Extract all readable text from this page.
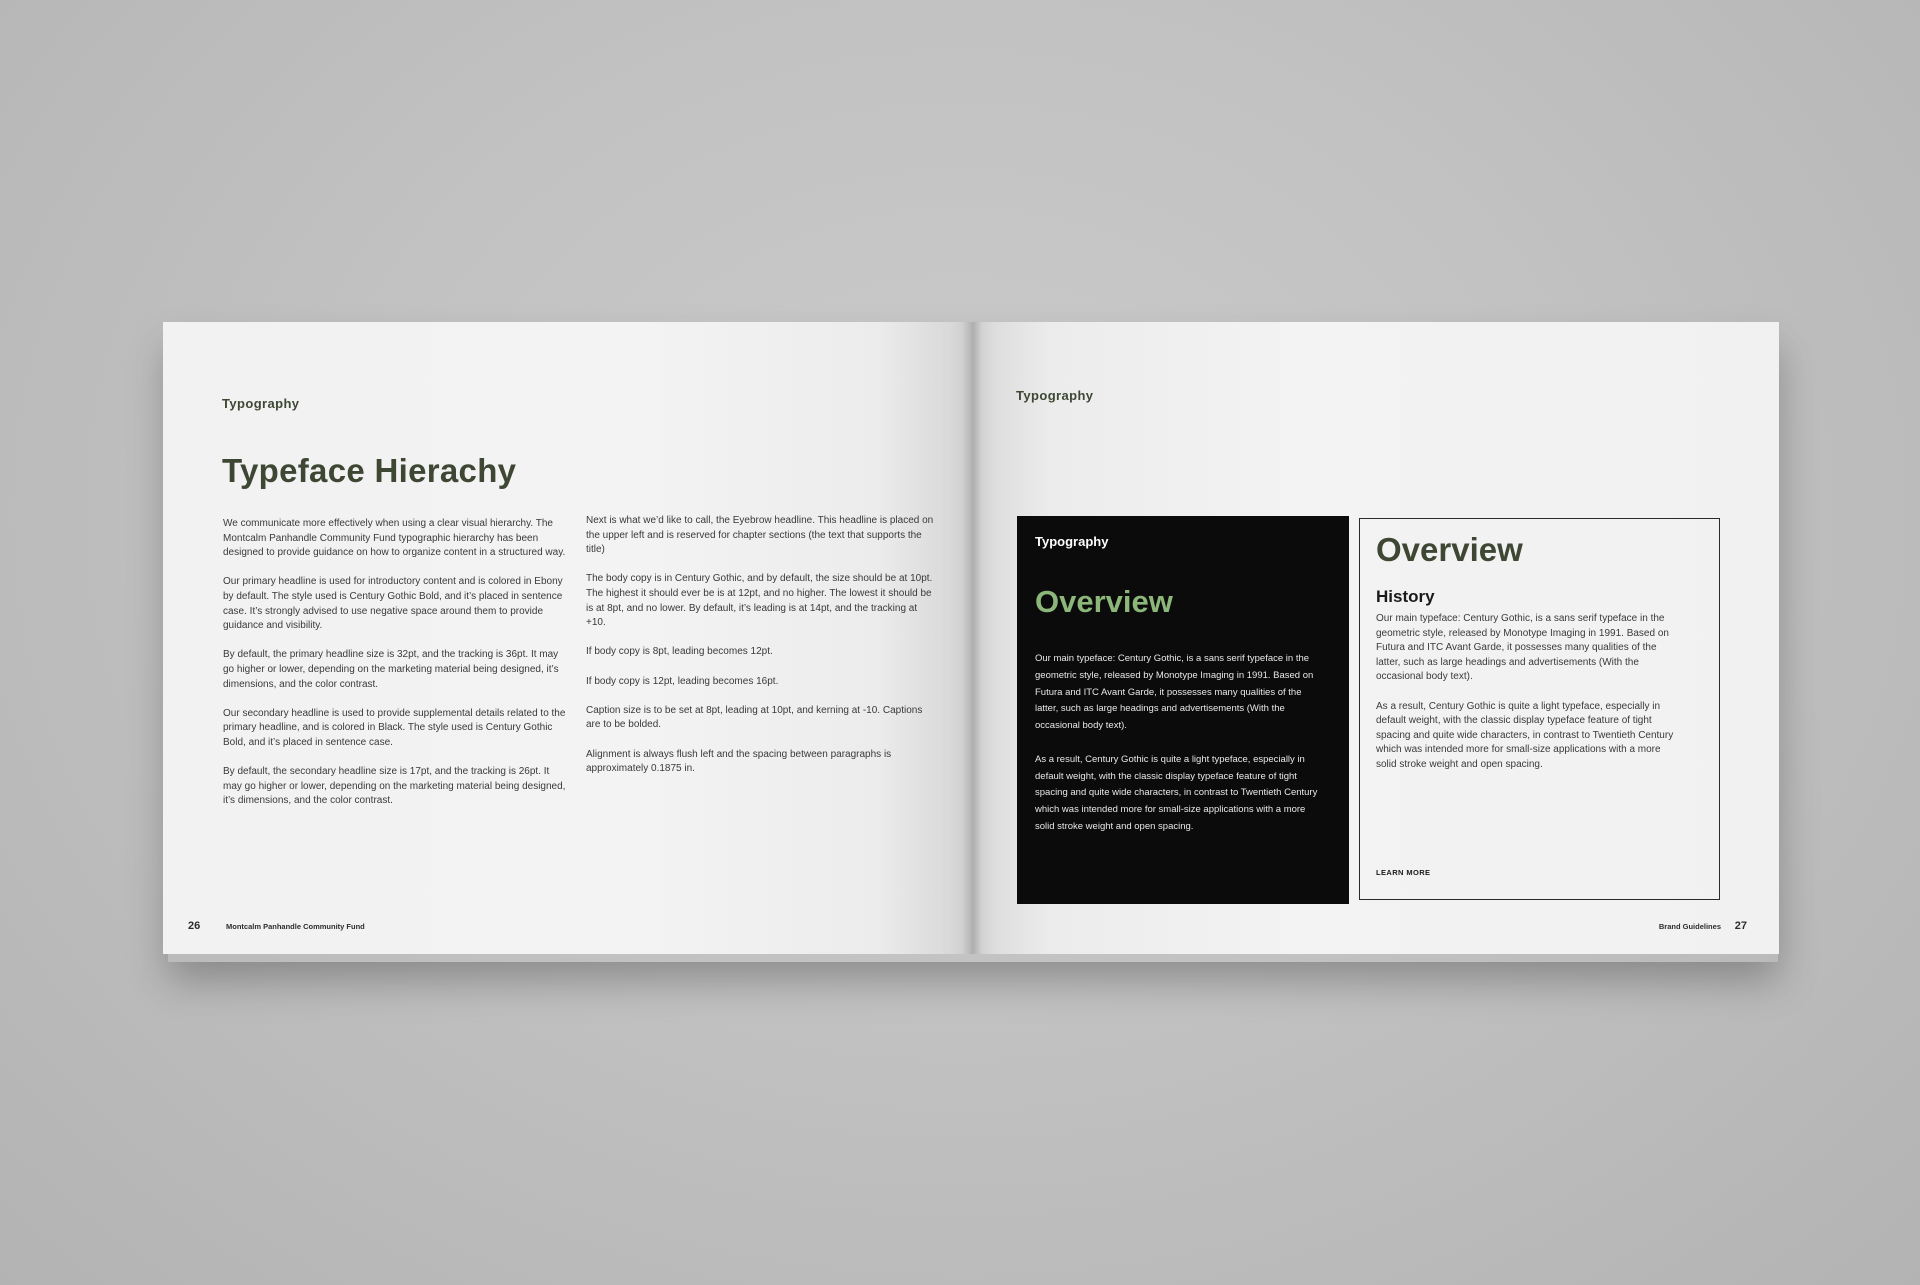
Typography
Typeface Hierachy

We communicate more effectively when using a clear visual hierarchy. The Montcalm Panhandle Community Fund typographic hierarchy has been designed to provide guidance on how to organize content in a structured way.

Our primary headline is used for introductory content and is colored in Ebony by default. The style used is Century Gothic Bold, and it’s placed in sentence case. It’s strongly advised to use negative space around them to provide guidance and visibility.

By default, the primary headline size is 32pt, and the tracking is 36pt. It may go higher or lower, depending on the marketing material being designed, it’s dimensions, and the color contrast.

Our secondary headline is used to provide supplemental details related to the primary headline, and is colored in Black. The style used is Century Gothic Bold, and it’s placed in sentence case.

By default, the secondary headline size is 17pt, and the tracking is 26pt. It may go higher or lower, depending on the marketing material being designed, it’s dimensions, and the color contrast.

Next is what we’d like to call, the Eyebrow headline. This headline is placed on the upper left and is reserved for chapter sections (the text that supports the title)

The body copy is in Century Gothic, and by default, the size should be at 10pt. The highest it should ever be is at 12pt, and no higher. The lowest it should be is at 8pt, and no lower. By default, it’s leading is at 14pt, and the tracking at +10.

If body copy is 8pt, leading becomes 12pt.

If body copy is 12pt, leading becomes 16pt.

Caption size is to be set at 8pt, leading at 10pt, and kerning at -10. Captions are to be bolded.

Alignment is always flush left and the spacing between paragraphs is approximately 0.1875 in.

26	Montcalm Panhandle Community Fund
Typography
Typography
Overview

Our main typeface: Century Gothic, is a sans serif typeface in the geometric style, released by Monotype Imaging in 1991. Based on Futura and ITC Avant Garde, it possesses many qualities of the latter, such as large headings and advertisements (With the occasional body text).

As a result, Century Gothic is quite a light typeface, especially in default weight, with the classic display typeface feature of tight spacing and quite wide characters, in contrast to Twentieth Century which was intended more for small-size applications with a more solid stroke weight and open spacing.

Overview
History

Our main typeface: Century Gothic, is a sans serif typeface in the geometric style, released by Monotype Imaging in 1991. Based on Futura and ITC Avant Garde, it possesses many qualities of the latter, such as large headings and advertisements (With the occasional body text).

As a result, Century Gothic is quite a light typeface, especially in default weight, with the classic display typeface feature of tight spacing and quite wide characters, in contrast to Twentieth Century which was intended more for small-size applications with a more solid stroke weight and open spacing.

LEARN MORE
Brand Guidelines 27
